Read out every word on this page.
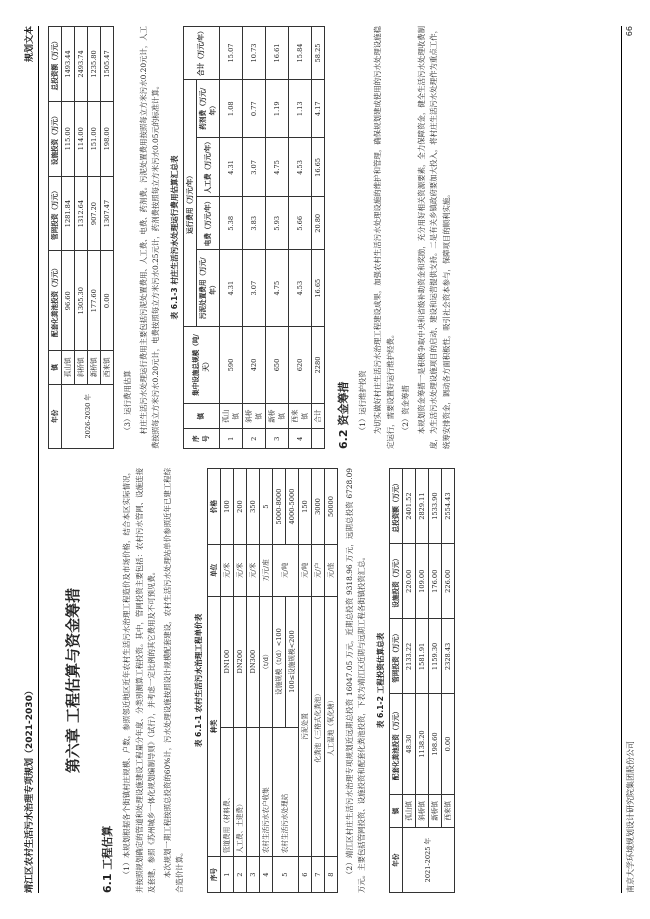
靖江区农村生活污水治理专项规划（2021-2030）
规划文本
第六章 工程估算与资金筹措
6.1 工程估算 （1）本规划根据各个街镇村庄规模、户数，参照邻近地区近年农村生活污水治理工程造价及市场价格，结合本区实际情况，并按照规划确定的管道和处理设施建设工程量分年度、分类别测算工程投资。其中，管网投资主要包括：农村污水管网、设施连接及套建，参照《苏州城乡一体化规划编制导则》（试行），并考虑一定比例的其它费用及不可预见费。 本次规划一期工程按照总投资的60%计，污水处理设施按照设计规模配套建设，农村生活污水处理站单价参照近年已建工程综合造价计算。

表 6.1-1 农村生活污水治理工程单价表
序号	种类		单位	价格
1	管道费用（材料费、	DN100	元/米	100
2	人工费、土建费）	DN200	元/米	200
3		DN300	元/米	350
4	农村生活污水农户收集	（t/d）	万元/座	5
5	农村生活污水处理站	设施规模（t/d）<100	元/吨	5000-8000
		100≤设施规模<200		4000-5000
6	污泥处置		元/吨	150
7	化粪池（三格式化粪池）		元/户	3000
8	人工湿地（氧化塘）		元/座	50000 （2）靖江区村庄生活污水治理专项规划近远期总投资 16047.05 万元，近期总投资 9318.96 万元，远期总投资 6728.09 万元。主要包括管网投资、设施投资和配套化粪池投资，下表为靖江区近期与远期工程各街镇投资汇总。	表 6.1-2 工程投资估算总表
年份	镇	配套化粪池投资（万元）	管网投资（万元）	设施投资（万元）	总投资额（万元）
2021-2025 年	孤山镇	48.30	2133.22	220.00	2401.52
	斜桥镇	1138.20	1581.91	109.00	2829.11
	新桥镇	198.60	1159.30	176.00	1533.90
	西来镇	0.00	2328.43	226.00	2554.43
年份	镇	配套化粪池投资（万元）	管网投资（万元）	设施投资（万元）	总投资额（万元）
2026-2030 年	孤山镇	96.60	1281.84	115.00	1493.44
	斜桥镇	1305.30	1312.64	114.00	2493.74
	新桥镇	177.60	907.20	151.00	1235.80
	西来镇	0.00	1307.47	198.00	1505.47

（3）运行费用估算 村庄生活污水处理运行费用主要包括污泥处置费用、人工费、电费、药剂费。污泥处置费用按照每立方米污水0.20元计，人工费按照每立方米污水0.20元计，电费按照每立方米污水0.25元计，药剂费按照每立方米污水0.05元的标准计算。	表 6.1-3 村庄生活污水处理运行费用估算汇总表
序号	镇	集中设施总规模（吨/天）	运行费用（万元/年）				合计（万元/年）
			污泥处置费用（万元/年）	电费（万元/年）	人工费（万元/年）	药剂费（万元/年）	
1	孤山镇	590	4.31	5.38	4.31	1.08	15.07
2	斜桥镇	420	3.07	3.83	3.07	0.77	10.73
3	新桥镇	650	4.75	5.93	4.75	1.19	16.61
4	西来镇	620	4.53	5.66	4.53	1.13	15.84
	合计	2280	16.65	20.80	16.65	4.17	58.25
6.2 资金筹措 （1）运行维护投资 为切实做好村庄生活污水治理工程建设成果，加强农村生活污水处理设施的维护和管理，确保规划建成使用的污水处理设施稳定运行，需要设置好运行维护经费。 （2）资金筹措 本规划资金筹措一是积极争取中央和省级补助资金和奖励，充分用好相关资源要素，全力保障资金，健全生活污水处理收费制度，为生活污水处理设施项目的启动、建设和运营提供支持。二是有关乡镇政府要加大投入，将村庄生活污水处理作为重点工作，统筹安排资金，调动各方面积极性，吸引社会资本参与，保障项目的顺利实施。

南京大学环境规划设计研究院集团股份公司
66
